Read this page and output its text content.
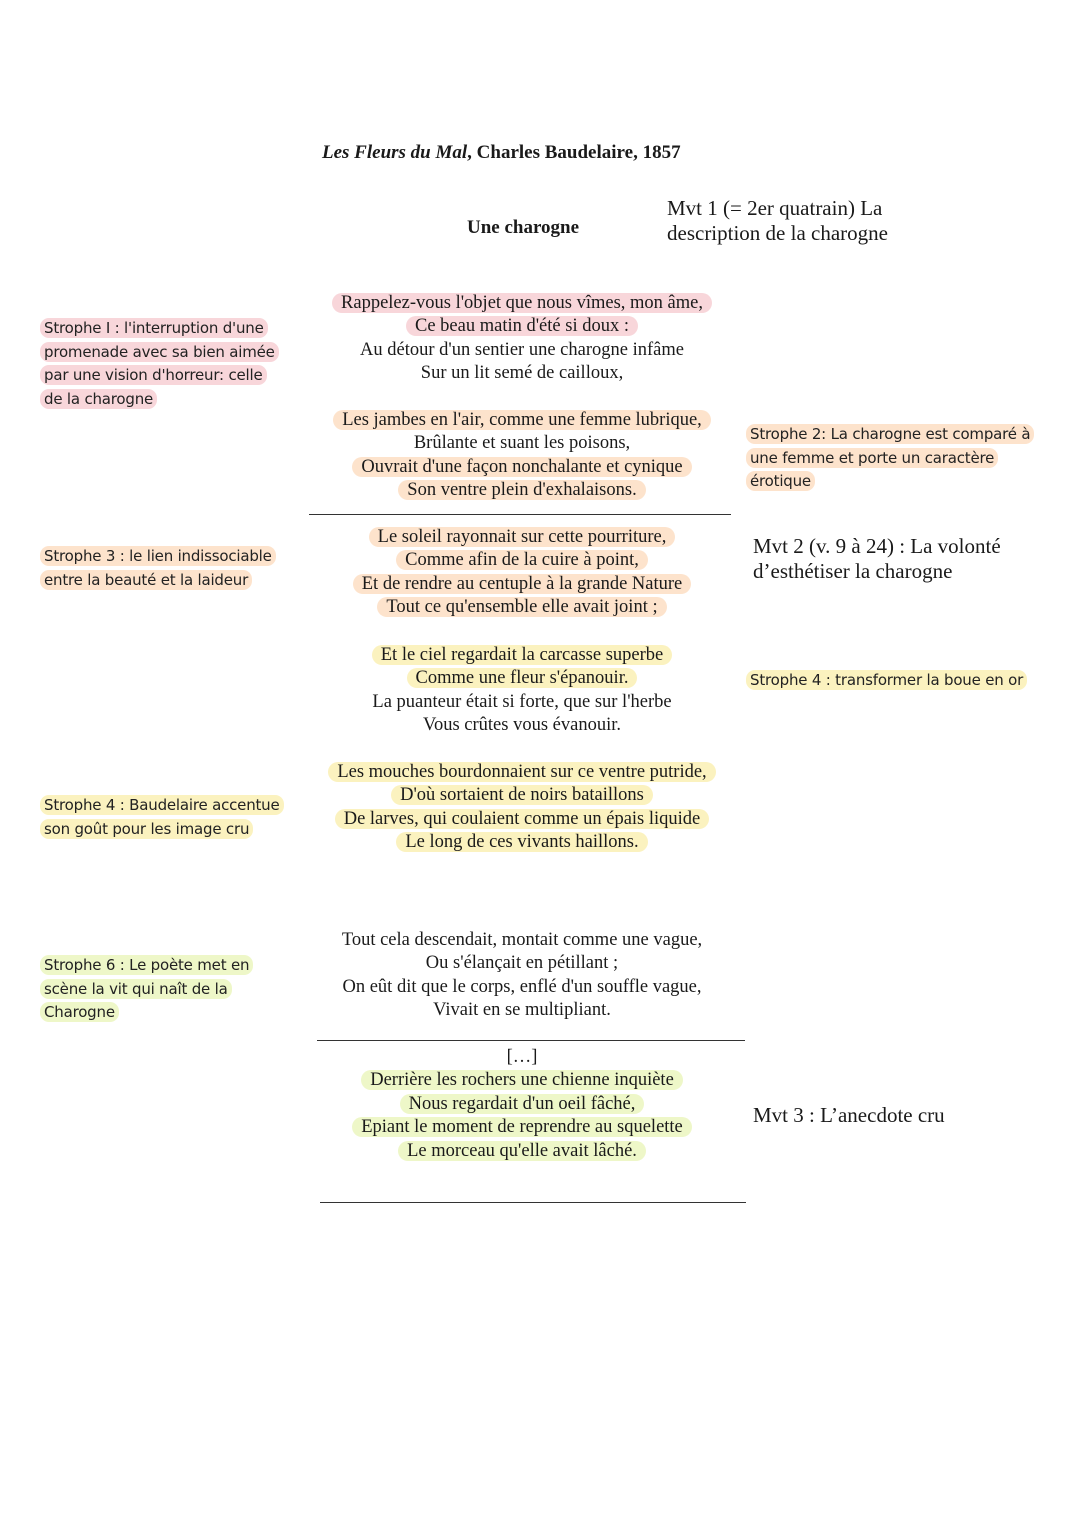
Les Fleurs du Mal, Charles Baudelaire, 1857
Une charogne
Mvt 1 (= 2er quatrain) La description de la charogne
Mvt 2 (v. 9 à 24) : La volonté d’esthétiser la charogne
Mvt 3 : L’anecdote cru
Rappelez-vous l'objet que nous vîmes, mon âme,
Ce beau matin d'été si doux :
Au détour d'un sentier une charogne infâme
Sur un lit semé de cailloux,
Les jambes en l'air, comme une femme lubrique,
Brûlante et suant les poisons,
Ouvrait d'une façon nonchalante et cynique
Son ventre plein d'exhalaisons.
Le soleil rayonnait sur cette pourriture,
Comme afin de la cuire à point,
Et de rendre au centuple à la grande Nature
Tout ce qu'ensemble elle avait joint ;
Et le ciel regardait la carcasse superbe
Comme une fleur s'épanouir.
La puanteur était si forte, que sur l'herbe
Vous crûtes vous évanouir.
Les mouches bourdonnaient sur ce ventre putride,
D'où sortaient de noirs bataillons
De larves, qui coulaient comme un épais liquide
Le long de ces vivants haillons.
Tout cela descendait, montait comme une vague,
Ou s'élançait en pétillant ;
On eût dit que le corps, enflé d'un souffle vague,
Vivait en se multipliant.
[…]
Derrière les rochers une chienne inquiète
Nous regardait d'un oeil fâché,
Epiant le moment de reprendre au squelette
Le morceau qu'elle avait lâché.
Strophe I : l'interruption d'une promenade avec sa bien aimée par une vision d'horreur: celle de la charogne
Strophe 2: La charogne est comparé à une femme et porte un caractère érotique
Strophe 3 : le lien indissociable entre la beauté et la laideur
Strophe 4 : transformer la boue en or
Strophe 4 : Baudelaire accentue son goût pour les image cru
Strophe 6 : Le poète met en scène la vit qui naît de la Charogne
